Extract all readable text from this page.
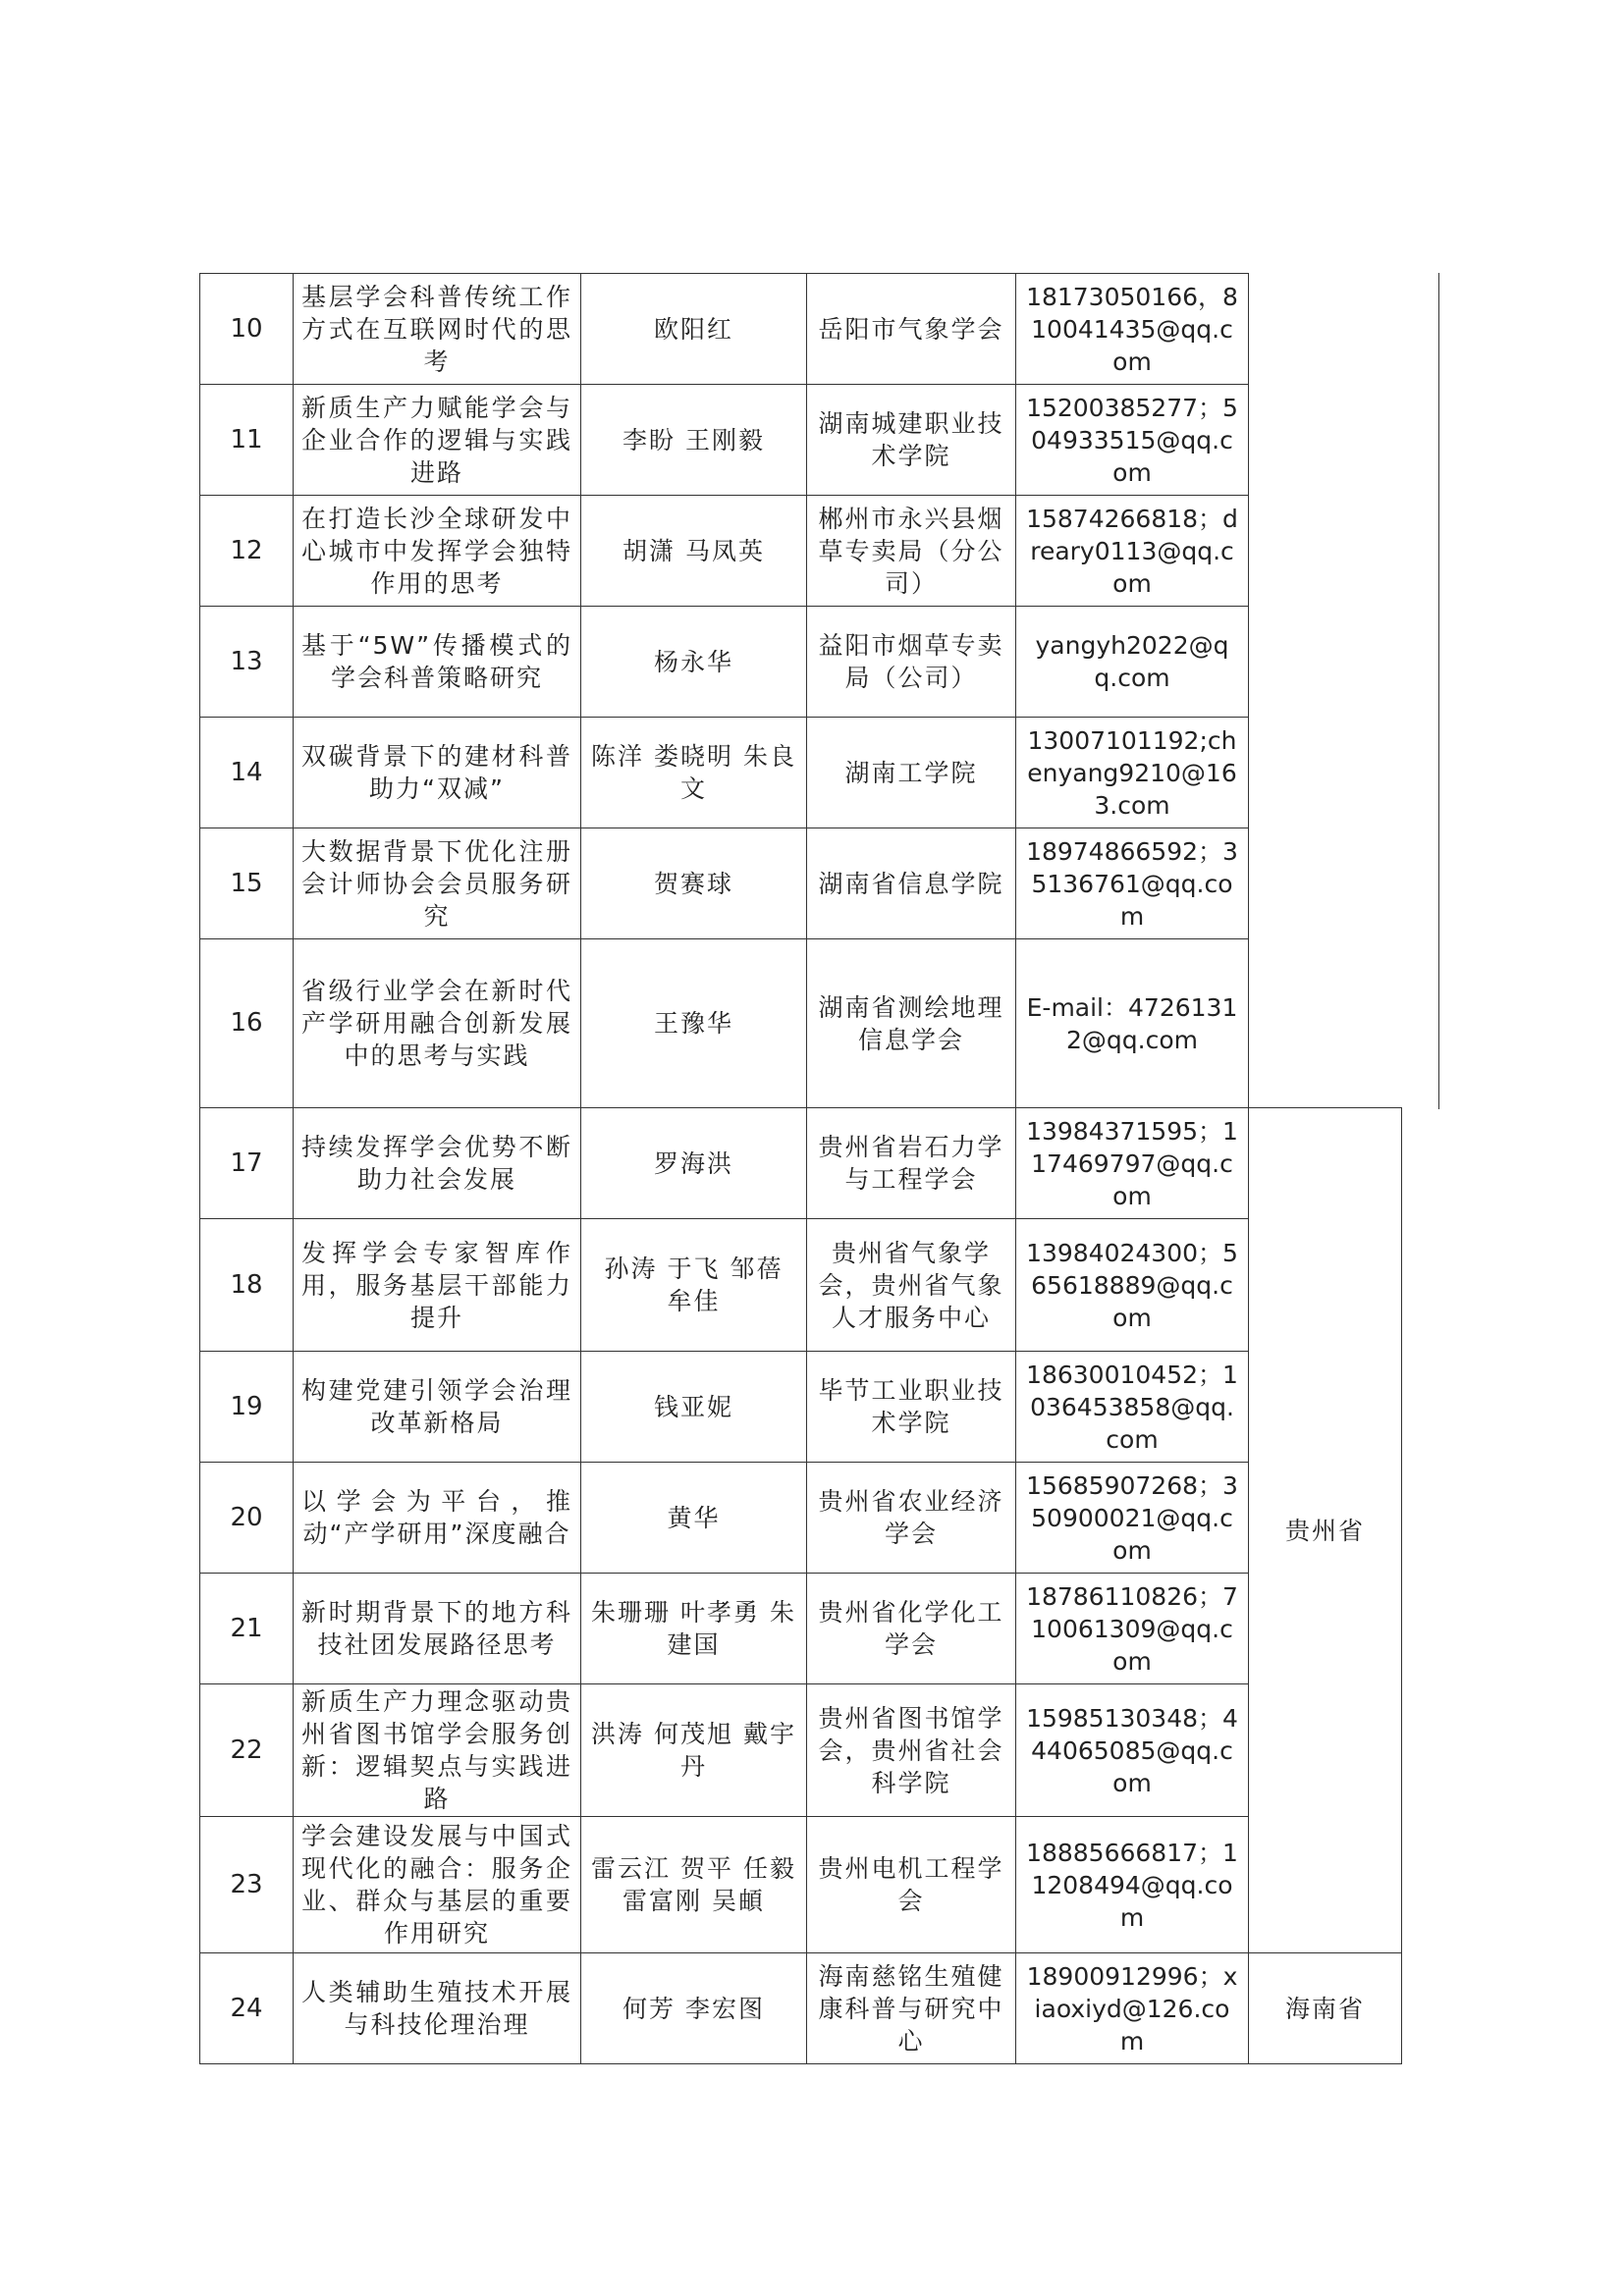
10	基层学会科普传统工作方式在互联网时代的思考	欧阳红	岳阳市气象学会	18173050166，810041435@qq.com	
11	新质生产力赋能学会与企业合作的逻辑与实践进路	李盼 王刚毅	湖南城建职业技术学院	15200385277；504933515@qq.com	
12	在打造长沙全球研发中心城市中发挥学会独特作用的思考	胡潇 马凤英	郴州市永兴县烟草专卖局（分公司）	15874266818；dreary0113@qq.com	
13	基于“5W”传播模式的学会科普策略研究	杨永华	益阳市烟草专卖局（公司）	yangyh2022@qq.com	
14	双碳背景下的建材科普助力“双减”	陈洋 娄晓明 朱良文	湖南工学院	13007101192;chenyang9210@163.com	
15	大数据背景下优化注册会计师协会会员服务研究	贺赛球	湖南省信息学院	18974866592；35136761@qq.com	
16	省级行业学会在新时代产学研用融合创新发展中的思考与实践	王豫华	湖南省测绘地理信息学会	E-mail：47261312@qq.com	
17	持续发挥学会优势不断助力社会发展	罗海洪	贵州省岩石力学与工程学会	13984371595；117469797@qq.com	贵州省
18	发挥学会专家智库作用，服务基层干部能力提升	孙涛 于飞 邹蓓 牟佳	贵州省气象学会，贵州省气象人才服务中心	13984024300；565618889@qq.com	
19	构建党建引领学会治理改革新格局	钱亚妮	毕节工业职业技术学院	18630010452；1036453858@qq.com	
20	以学会为平台，推动“产学研用”深度融合	黄华	贵州省农业经济学会	15685907268；350900021@qq.com	
21	新时期背景下的地方科技社团发展路径思考	朱珊珊 叶孝勇 朱建国	贵州省化学化工学会	18786110826；710061309@qq.com	
22	新质生产力理念驱动贵州省图书馆学会服务创新：逻辑契点与实践进路	洪涛 何茂旭 戴宇丹	贵州省图书馆学会，贵州省社会科学院	15985130348；444065085@qq.com	
23	学会建设发展与中国式现代化的融合：服务企业、群众与基层的重要作用研究	雷云江 贺平 任毅 雷富刚 吴頔	贵州电机工程学会	18885666817；11208494@qq.com	
24	人类辅助生殖技术开展与科技伦理治理	何芳 李宏图	海南慈铭生殖健康科普与研究中心	18900912996；xiaoxiyd@126.com	海南省
